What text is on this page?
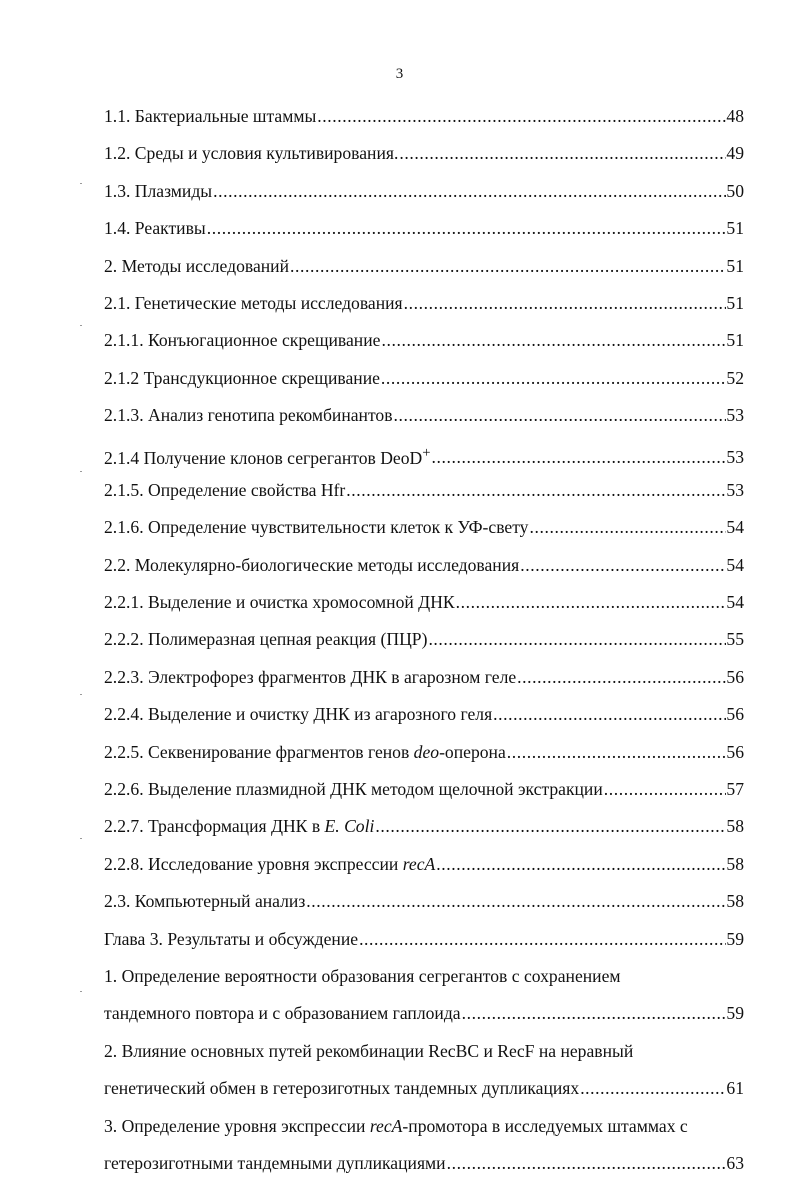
3
1.1. Бактериальные штаммы .....	48
1.2. Среды и условия культивирования. .....	49
1.3. Плазмиды .....	50
1.4. Реактивы .....	51
2. Методы исследований .....	51
2.1. Генетические методы исследования .....	51
2.1.1. Конъюгационное скрещивание .....	51
2.1.2 Трансдукционное скрещивание .....	52
2.1.3. Анализ генотипа рекомбинантов .....	53
2.1.4 Получение клонов сегрегантов DeoD+ .....	53
2.1.5. Определение свойства Hfr .....	53
2.1.6. Определение чувствительности клеток к УФ-свету .....	54
2.2. Молекулярно-биологические методы исследования .....	54
2.2.1. Выделение и очистка хромосомной ДНК .....	54
2.2.2. Полимеразная цепная реакция (ПЦР) .....	55
2.2.3. Электрофорез фрагментов ДНК в агарозном геле .....	56
2.2.4. Выделение и очистку ДНК из агарозного геля .....	56
2.2.5. Секвенирование фрагментов генов deo-оперона .....	56
2.2.6. Выделение плазмидной ДНК методом щелочной экстракции .....	57
2.2.7. Трансформация ДНК в E. Coli .....	58
2.2.8. Исследование уровня экспрессии recA .....	58
2.3. Компьютерный анализ .....	58
Глава 3. Результаты и обсуждение .....	59
1. Определение вероятности образования сегрегантов с сохранением
тандемного повтора и с образованием гаплоида .....	59
2. Влияние основных путей рекомбинации RecBC и RecF на неравный
генетический обмен в гетерозиготных тандемных дупликациях .....	61
3. Определение уровня экспрессии recA-промотора в исследуемых штаммах с
гетерозиготными тандемными дупликациями .....	63
